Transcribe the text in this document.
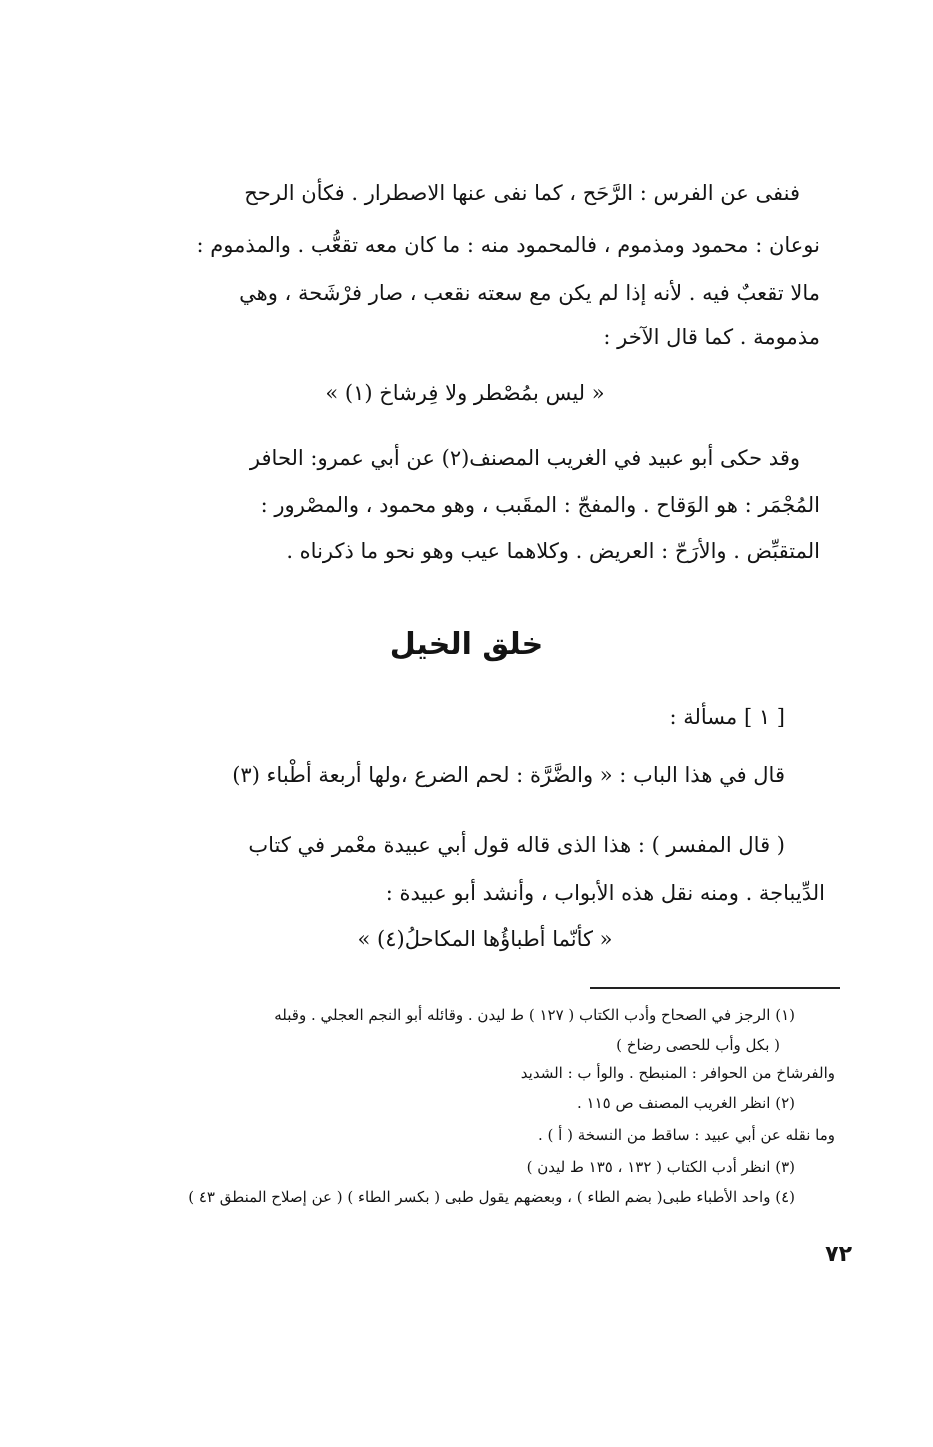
فنفى عن الفرس : الرَّحَح ، كما نفى عنها الاصطرار . فكأن الرحح
نوعان : محمود ومذموم ، فالمحمود منه : ما كان معه تقعُّب . والمذموم :
مالا تقعبٌ فيه . لأنه إذا لم يكن مع سعته نقعب ، صار فرْشَحة ، وهي
مذمومة . كما قال الآخر :
« ليس بمُصْطر ولا فِرشاخ (١) »
وقد حكى أبو عبيد في الغريب المصنف(٢) عن أبي عمرو: الحافر
المُجْمَر : هو الوَقاح . والمفجّ : المقَبب ، وهو محمود ، والمصْرور :
المتقبِّض . والأرَحّ : العريض . وكلاهما عيب وهو نحو ما ذكرناه .
خلق الخيل
[ ١ ] مسألة :
قال في هذا الباب : « والضَّرَّة : لحم الضرع ،ولها أربعة أطْباء (٣)
( قال المفسر ) : هذا الذى قاله قول أبي عبيدة معْمر في كتاب
الدِّيباجة . ومنه نقل هذه الأبواب ، وأنشد أبو عبيدة :
« كأنّما أطباؤُها المكاحلُ(٤) »
(١) الرجز في الصحاح وأدب الكتاب ( ١٢٧ ) ط ليدن . وقائله أبو النجم العجلي . وقبله
( بكل وأب للحصى رضاخ )
والفرشاخ من الحوافر : المنبطح . والوأ ب : الشديد
(٢) انظر الغريب المصنف ص ١١٥ .
وما نقله عن أبي عبيد : ساقط من النسخة ( أ ) .
(٣) انظر أدب الكتاب ( ١٣٢ ، ١٣٥ ط ليدن )
(٤) واحد الأطباء طبى( بضم الطاء ) ، وبعضهم يقول طبى ( بكسر الطاء ) ( عن إصلاح المنطق ٤٣ )
٧٢
